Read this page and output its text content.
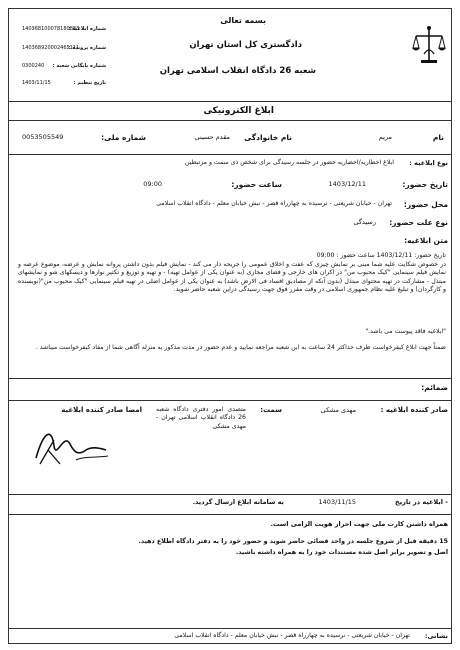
بسمه تعالی
دادگستری کل استان تهران
شعبه 26 دادگاه انقلاب اسلامی تهران
شماره ابلاغیه :
140368100078180883
شماره پرونده :
140368920002465111
شماره بایگانی شعبه :
0300240
تاریخ تنظیم :
1403/11/15
ابلاغ الکترونیکی
نام
مریم
نام خانوادگی
مقدم حسینی
شماره ملی:
0053505549
نوع ابلاغیه :
ابلاغ اخطاریه/احضاریه حضور در جلسه رسیدگی برای شخص ذی سمت و مرتبطین
تاریخ حضور:
1403/12/11
ساعت حضور:
09:00
محل حضور:
تهران - خیابان شریعتی - نرسیده به چهارراه قصر - نبش خیابان معلم - دادگاه انقلاب اسلامی
نوع علت حضور:
رسیدگی
متن ابلاغیه:
تاریخ حضور: 1403/12/11 ساعت حضور : 09:00
در خصوص شکایت علیه شما مبنی بر نمایش چیزی که عفت و اخلاق عمومی را جریحه دار می کند - نمایش فیلم بدون داشتن پروانه نمایش و عرضه، موضوع عرضه و نمایش فیلم سینمایی "کیک محبوب من" در اکران های خارجی و فضای مجازی (به عنوان یکی از عوامل تهیه) - و تهیه و توزیع و تکثیر نوارها و دیسکهای شو و نمایشهای مبتذل - مشارکت در تهیه محتوای مبتذل (بدون آنکه از مصادیق افساد فی الارض باشد) به عنوان یکی از عوامل اصلی در تهیه فیلم سینمایی "کیک محبوب من"(نویسنده و کارگردان) و تبلیغ علیه نظام جمهوری اسلامی در وقت مقرر فوق جهت رسیدگی دراین شعبه حاضر شوید.
"ابلاغیه فاقد پیوست می باشد."
ضمناً جهت ابلاغ کیفرخواست ظرف حداکثر 24 ساعت به این شعبه مراجعه نمایید و عدم حضور در مدت مذکور به منزله آگاهی شما از مفاد کیفرخواست میباشد .
ضمائم:
صادر کننده ابلاغیه :
مهدی مشکی
سمت:
متصدی امور دفتری دادگاه شعبه 26 دادگاه انقلاب اسلامی تهران - مهدی مشکی
امضا صادر کننده ابلاغیه
- ابلاغیه در تاریخ
1403/11/15
به سامانه ابلاغ ارسال گردید.
همراه داشتن کارت ملی جهت احراز هویت الزامی است.
15 دقیقه قبل از شروع جلسه در واحد قضائی حاضر شوید و حضور خود را به دفتر دادگاه اطلاع دهید.
اصل و تصویر برابر اصل شده مستندات خود را به همراه داشته باشید.
نشانی:
تهران - خیابان شریعتی - نرسیده به چهارراه قصر - نبش خیابان معلم - دادگاه انقلاب اسلامی
